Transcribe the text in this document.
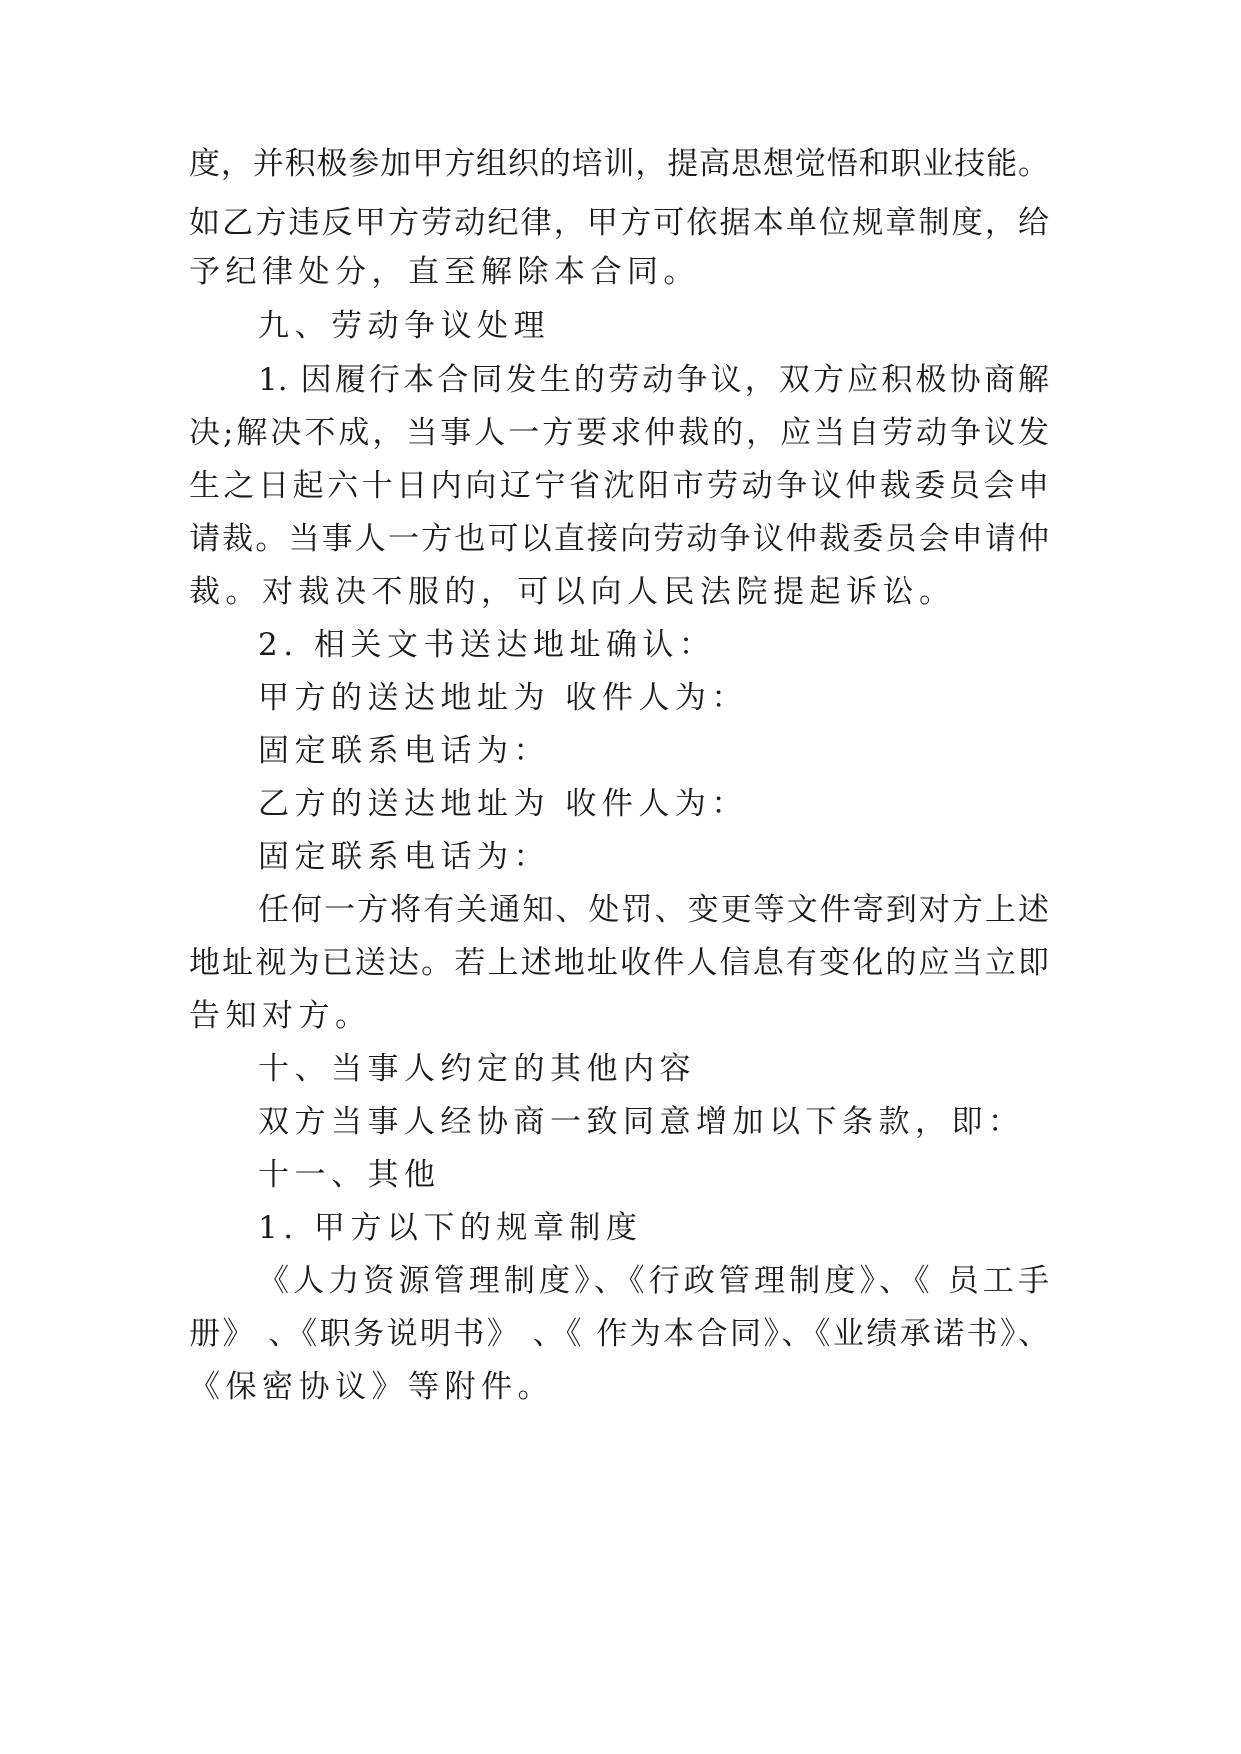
度，并积极参加甲方组织的培训，提高思想觉悟和职业技能。
如乙方违反甲方劳动纪律，甲方可依据本单位规章制度，给
予纪律处分，直至解除本合同。
九、劳动争议处理
1. 因履行本合同发生的劳动争议，双方应积极协商解
决;解决不成，当事人一方要求仲裁的，应当自劳动争议发
生之日起六十日内向辽宁省沈阳市劳动争议仲裁委员会申
请裁。当事人一方也可以直接向劳动争议仲裁委员会申请仲
裁。对裁决不服的，可以向人民法院提起诉讼。
2. 相关文书送达地址确认：
甲方的送达地址为 收件人为：
固定联系电话为：
乙方的送达地址为 收件人为：
固定联系电话为：
任何一方将有关通知、处罚、变更等文件寄到对方上述
地址视为已送达。若上述地址收件人信息有变化的应当立即
告知对方。
十、当事人约定的其他内容
双方当事人经协商一致同意增加以下条款，即：
十一、其他
1. 甲方以下的规章制度
《人力资源管理制度》、《行政管理制度》、《 员工手
册》 、《职务说明书》 、《 作为本合同》、《业绩承诺书》、
《保密协议》等附件。
